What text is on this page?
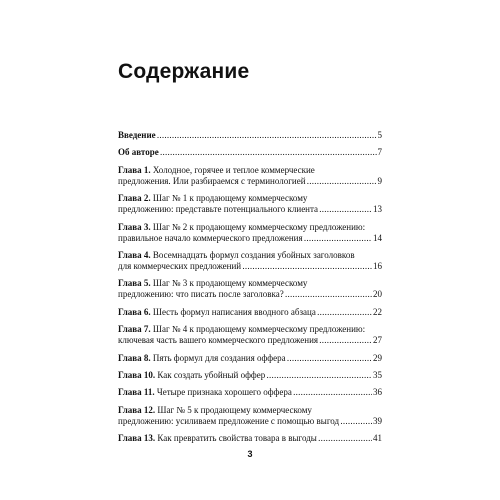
Содержание
Введение . . .	5
Об авторе . . .	7
Глава 1. Холодное, горячее и теплое коммерческие
предложения. Или разбираемся с терминологией . . .	9
Глава 2. Шаг № 1 к продающему коммерческому
предложению: представьте потенциального клиента . . .	13
Глава 3. Шаг № 2 к продающему коммерческому предложению:
правильное начало коммерческого предложения . . .	14
Глава 4. Восемнадцать формул создания убойных заголовков
для коммерческих предложений . . .	16
Глава 5. Шаг № 3 к продающему коммерческому
предложению: что писать после заголовка? . . .	20
Глава 6. Шесть формул написания вводного абзаца . . .	22
Глава 7. Шаг № 4 к продающему коммерческому предложению:
ключевая часть вашего коммерческого предложения . . .	27
Глава 8. Пять формул для создания оффера . . .	29
Глава 10. Как создать убойный оффер . . .	35
Глава 11. Четыре признака хорошего оффера . . .	36
Глава 12. Шаг № 5 к продающему коммерческому
предложению: усиливаем предложение с помощью выгод . . .	39
Глава 13. Как превратить свойства товара в выгоды . . .	41
3
